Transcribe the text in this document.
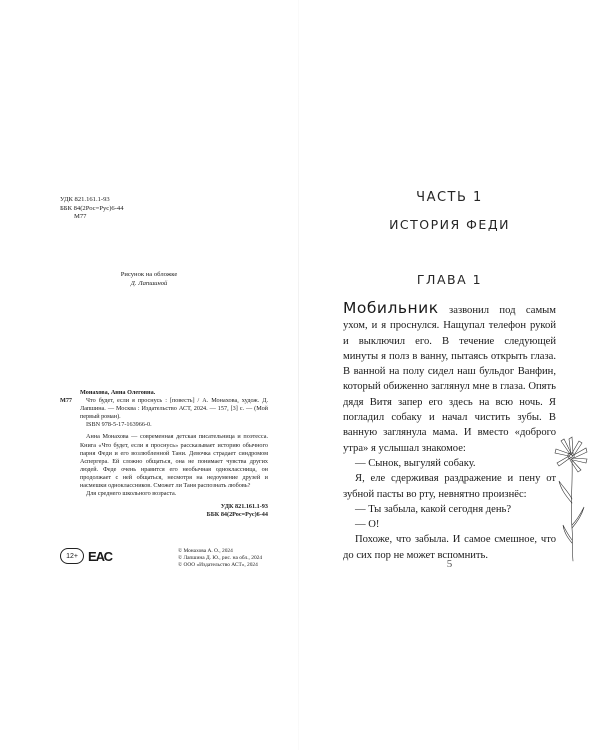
УДК 821.161.1-93
ББК 84(2Рос=Рус)6-44
М77
Рисунок на обложке
Д. Лапшиной
Монахова, Анна Олеговна.
М77	Что будет, если я проснусь : [повесть] / А. Монахова, худож. Д. Лапшина. — Москва : Издательство АСТ, 2024. — 157, [3] с. — (Мой первый роман).

ISBN 978-5-17-163966-0.

Анна Монахова — современная детская писательница и поэтесса. Книга «Что будет, если я проснусь» рассказывает историю обычного парня Феди и его возлюбленной Тани. Девочка страдает синдромом Аспергера. Ей сложно общаться, она не понимает чувства других людей. Феде очень нравится его необычная одноклассница, он продолжает с ней общаться, несмотря на недоумение друзей и насмешки одноклассников. Сможет ли Таня распознать любовь?

Для среднего школьного возраста.

УДК 821.161.1-93
ББК 84(2Рос=Рус)6-44
12+ ЕАС	© Монахова А. О., 2024
© Лапшина Д. Ю., рис. на обл., 2024
© ООО «Издательство АСТ», 2024
ЧАСТЬ 1
ИСТОРИЯ ФЕДИ
ГЛАВА 1

Мобильник зазвонил под самым ухом, и я проснулся. Нащупал телефон рукой и выключил его. В течение следующей минуты я полз в ванну, пытаясь открыть глаза. В ванной на полу сидел наш бульдог Ванфин, который обиженно заглянул мне в глаза. Опять дядя Витя запер его здесь на всю ночь. Я погладил собаку и начал чистить зубы. В ванную заглянула мама. И вместо «доброго утра» я услышал знакомое:

— Сынок, выгуляй собаку.

Я, еле сдерживая раздражение и пену от зубной пасты во рту, невнятно произнёс:

— Ты забыла, какой сегодня день?

— О!

Похоже, что забыла. И самое смешное, что до сих пор не может вспомнить.

5
